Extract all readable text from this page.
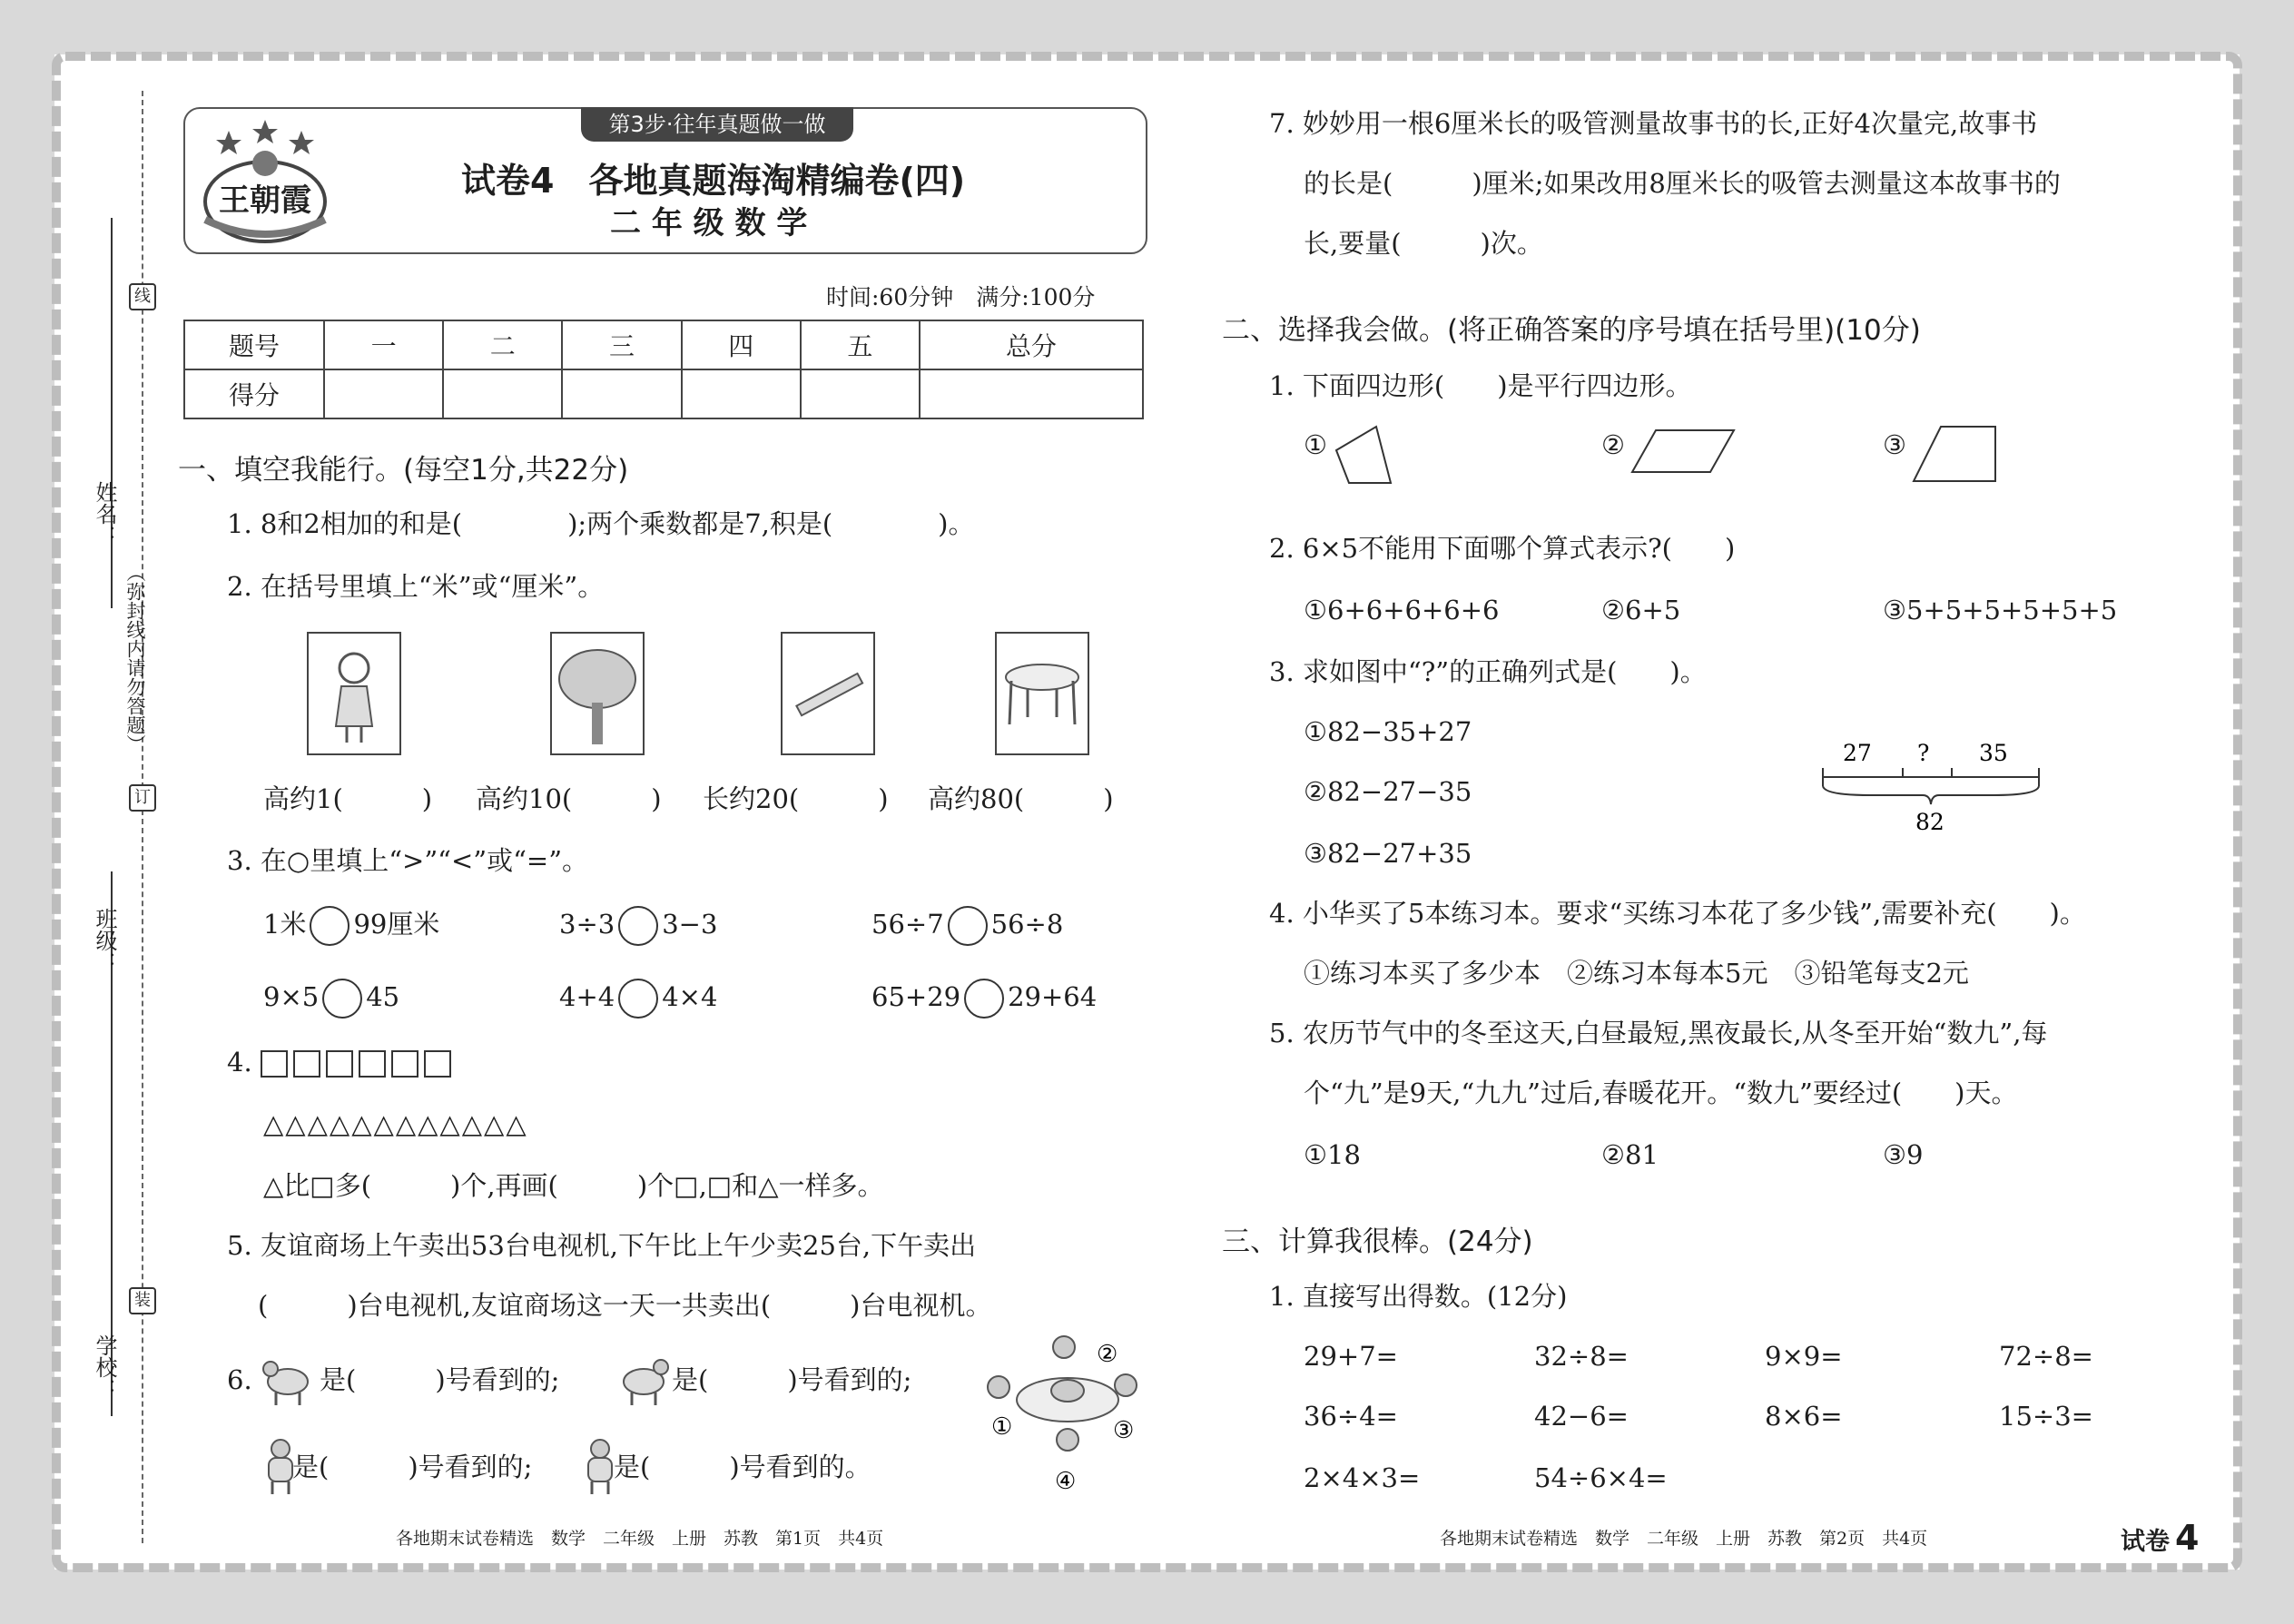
姓名：
班级：
学校：
（弥封线内请勿答题）
线
订
装
第3步·往年真题做一做
王朝霞	试卷4　各地真题海淘精编卷(四)
二 年 级 数 学
时间:60分钟　满分:100分
题号	一	二	三	四	五	总分
得分						
一、填空我能行。(每空1分,共22分)
1. 8和2相加的和是(　　　　);两个乘数都是7,积是(　　　　)。
2. 在括号里填上“米”或“厘米”。
高约1(　　　) 高约10(　　　) 长约20(　　　) 高约80(　　　)
3. 在○里填上“>”“<”或“=”。
1米 99厘米	3÷3 3−3	56÷7 56÷8
9×5 45	4+4 4×4	65+29 29+64
4.
△△△△△△△△△△△△
△比□多(　　　)个,再画(　　　)个□,□和△一样多。
5. 友谊商场上午卖出53台电视机,下午比上午少卖25台,下午卖出
(　　　)台电视机,友谊商场这一天一共卖出(　　　)台电视机。
6.	是(　　　)号看到的;	是(　　　)号看到的;
是(　　　)号看到的;	是(　　　)号看到的。
②
①	③
④
各地期末试卷精选　数学　二年级　上册　苏教　第1页　共4页
7. 妙妙用一根6厘米长的吸管测量故事书的长,正好4次量完,故事书
的长是(　　　)厘米;如果改用8厘米长的吸管去测量这本故事书的
长,要量(　　　)次。
二、选择我会做。(将正确答案的序号填在括号里)(10分)
1. 下面四边形(　　)是平行四边形。
①	②	③
2. 6×5不能用下面哪个算式表示?(　　)
①6+6+6+6+6	②6+5	③5+5+5+5+5+5
3. 求如图中“?”的正确列式是(　　)。
①82−35+27
②82−27−35
③82−27+35
27 ? 35
82
4. 小华买了5本练习本。要求“买练习本花了多少钱”,需要补充(　　)。
①练习本买了多少本　②练习本每本5元　③铅笔每支2元
5. 农历节气中的冬至这天,白昼最短,黑夜最长,从冬至开始“数九”,每
个“九”是9天,“九九”过后,春暖花开。“数九”要经过(　　)天。
①18	②81	③9
三、计算我很棒。(24分)
1. 直接写出得数。(12分)
29+7=	32÷8=	9×9=	72÷8=
36÷4=	42−6=	8×6=	15÷3=
2×4×3=	54÷6×4=
各地期末试卷精选　数学　二年级　上册　苏教　第2页　共4页	试卷 4
